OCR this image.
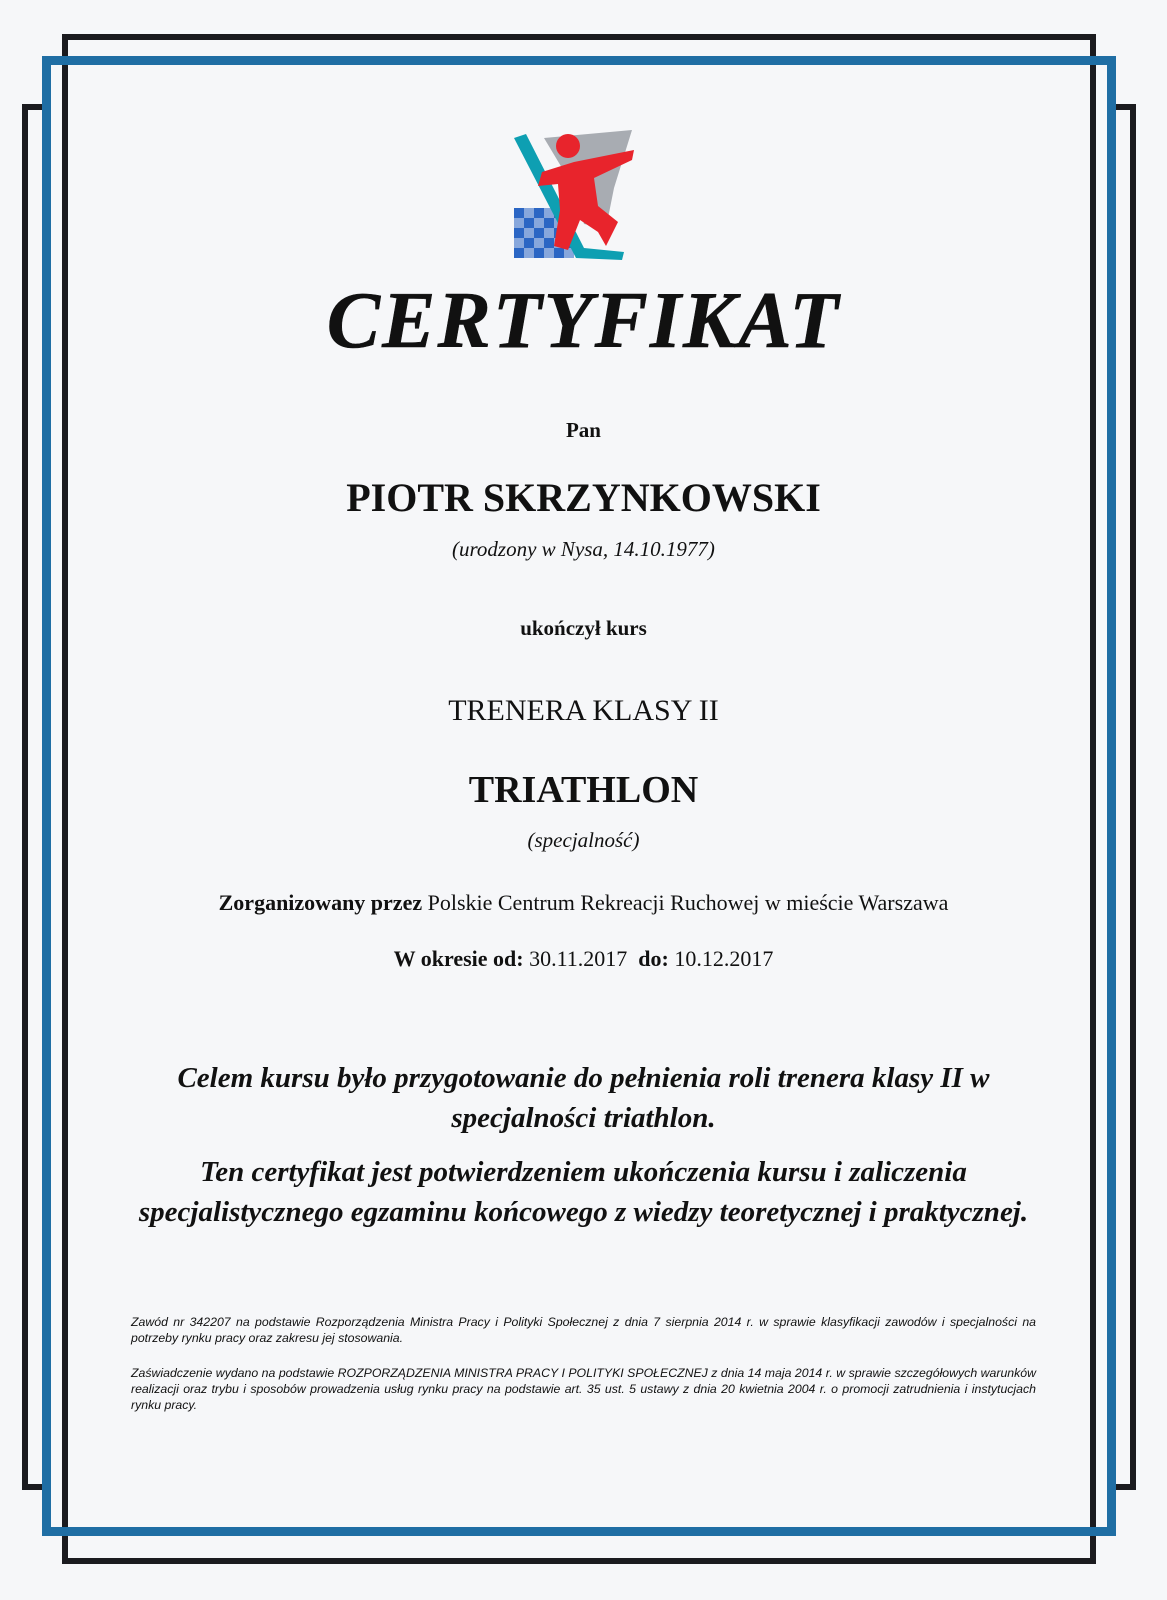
CERTYFIKAT
Pan
PIOTR SKRZYNKOWSKI
(urodzony w Nysa, 14.10.1977)
ukończył kurs
TRENERA KLASY II
TRIATHLON
(specjalność)
Zorganizowany przez Polskie Centrum Rekreacji Ruchowej w mieście Warszawa
W okresie od: 30.11.2017 do: 10.12.2017
Celem kursu było przygotowanie do pełnienia roli trenera klasy II w specjalności triathlon.
Ten certyfikat jest potwierdzeniem ukończenia kursu i zaliczenia specjalistycznego egzaminu końcowego z wiedzy teoretycznej i praktycznej.
Zawód nr 342207 na podstawie Rozporządzenia Ministra Pracy i Polityki Społecznej z dnia 7 sierpnia 2014 r. w sprawie klasyfikacji zawodów i specjalności na potrzeby rynku pracy oraz zakresu jej stosowania.
Zaświadczenie wydano na podstawie ROZPORZĄDZENIA MINISTRA PRACY I POLITYKI SPOŁECZNEJ z dnia 14 maja 2014 r. w sprawie szczegółowych warunków realizacji oraz trybu i sposobów prowadzenia usług rynku pracy na podstawie art. 35 ust. 5 ustawy z dnia 20 kwietnia 2004 r. o promocji zatrudnienia i instytucjach rynku pracy.
